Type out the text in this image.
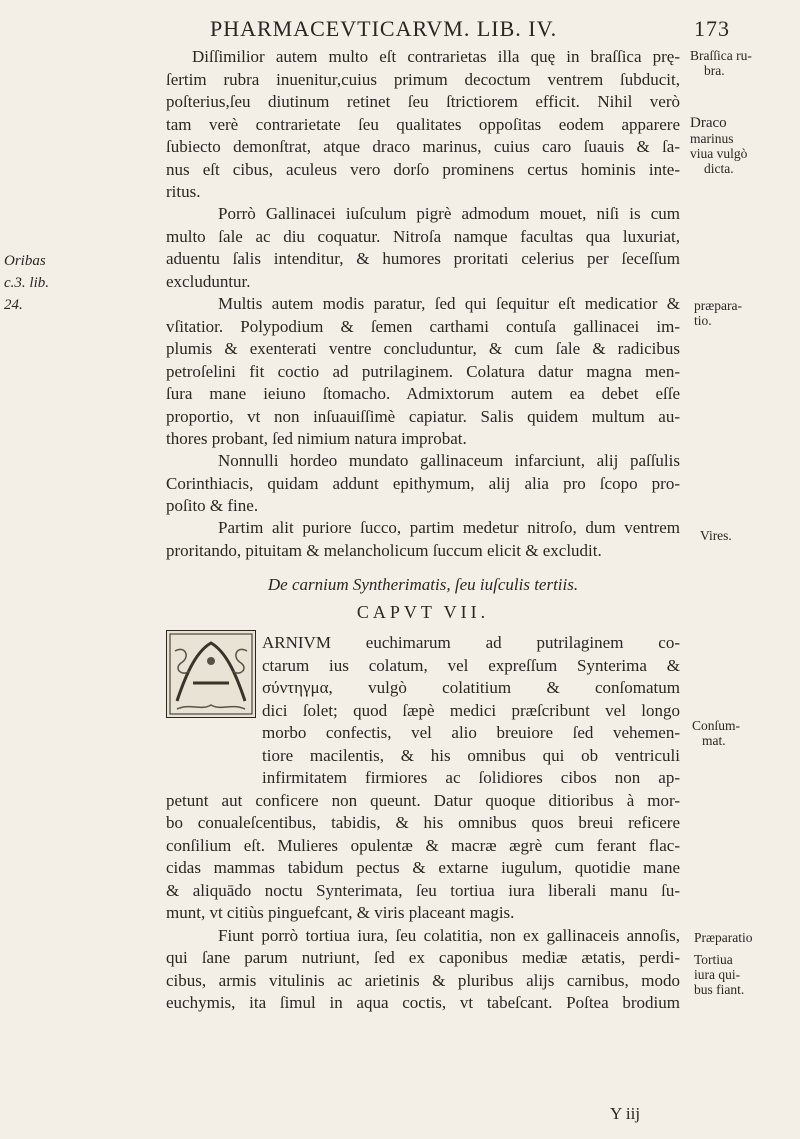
PHARMACEVTICARVM. LIB. IV.	173
Diſſimilior autem multo eſt contrarietas illa quę in braſſica prę-
ſertim rubra inuenitur,cuius primum decoctum ventrem ſubducit,
poſterius,ſeu diutinum retinet ſeu ſtrictiorem efficit. Nihil verò
tam verè contrarietate ſeu qualitates oppoſitas eodem apparere
ſubiecto demonſtrat, atque draco marinus, cuius caro ſuauis & ſa-
nus eſt cibus, aculeus vero dorſo prominens certus hominis inte-
ritus.
Porrò Gallinacei iuſculum pigrè admodum mouet, niſi is cum
multo ſale ac diu coquatur. Nitroſa namque facultas qua luxuriat,
aduentu ſalis intenditur, & humores proritati celerius per ſeceſſum
excluduntur.
Multis autem modis paratur, ſed qui ſequitur eſt medicatior &
vſitatior. Polypodium & ſemen carthami contuſa gallinacei im-
plumis & exenterati ventre concluduntur, & cum ſale & radicibus
petroſelini fit coctio ad putrilaginem. Colatura datur magna men-
ſura mane ieiuno ſtomacho. Admixtorum autem ea debet eſſe
proportio, vt non inſuauiſſimè capiatur. Salis quidem multum au-
thores probant, ſed nimium natura improbat.
Nonnulli hordeo mundato gallinaceum infarciunt, alij paſſulis
Corinthiacis, quidam addunt epithymum, alij alia pro ſcopo pro-
poſito & fine.
Partim alit puriore ſucco, partim medetur nitroſo, dum ventrem
proritando, pituitam & melancholicum ſuccum elicit & excludit.
De carnium Syntherimatis, ſeu iuſculis tertiis.
CAPVT VII.
ARNIVM euchimarum ad putrilaginem co-
ctarum ius colatum, vel expreſſum Synterima &
σύντηγμα, vulgò colatitium & conſomatum
dici ſolet; quod ſæpè medici præſcribunt vel longo
morbo confectis, vel alio breuiore ſed vehemen-
tiore macilentis, & his omnibus qui ob ventriculi
infirmitatem firmiores ac ſolidiores cibos non ap-
petunt aut conficere non queunt. Datur quoque ditioribus à mor-
bo conualeſcentibus, tabidis, & his omnibus quos breui reficere
conſilium eſt. Mulieres opulentæ & macræ ægrè cum ferant flac-
cidas mammas tabidum pectus & extarne iugulum, quotidie mane
& aliquādo noctu Synterimata, ſeu tortiua iura liberali manu ſu-
munt, vt citiùs pinguefcant, & viris placeant magis.
Fiunt porrò tortiua iura, ſeu colatitia, non ex gallinaceis annoſis,
qui ſane parum nutriunt, ſed ex caponibus mediæ ætatis, perdi-
cibus, armis vitulinis ac arietinis & pluribus alijs carnibus, modo
euchymis, ita ſimul in aqua coctis, vt tabeſcant. Poſtea brodium
Y iij
Braſſica ru-
bra.
Draco
marinus
viua vulgò
dicta.
Oribas
c.3. lib.
24.	præpara-
tio.
Vires.
Conſum-
mat.
Præparatio
Tortiua
iura qui-
bus fiant.
